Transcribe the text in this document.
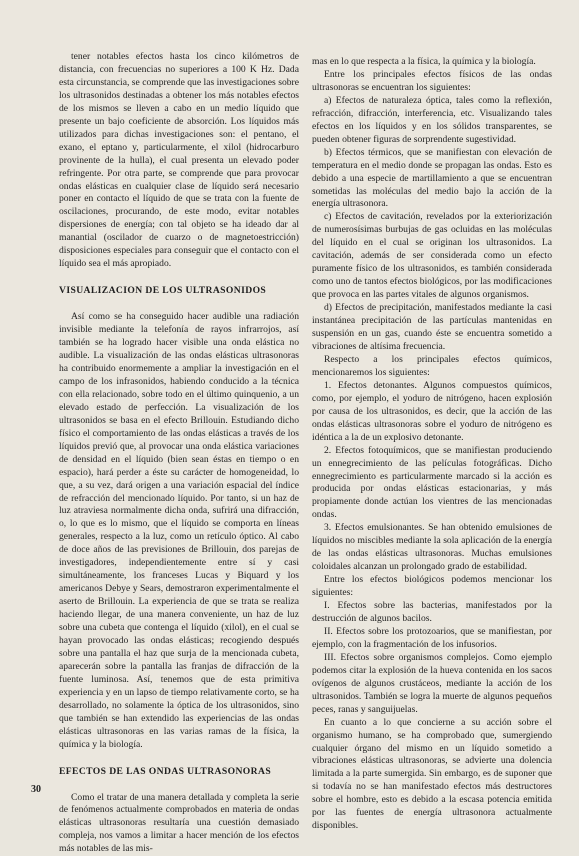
tener notables efectos hasta los cinco kilómetros de distancia, con frecuencias no superiores a 100 K Hz. Dada esta circunstancia, se comprende que las investigaciones sobre los ultrasonidos destinadas a obtener los más notables efectos de los mismos se lleven a cabo en un medio líquido que presente un bajo coeficiente de absorción. Los líquidos más utilizados para dichas investigaciones son: el pentano, el exano, el eptano y, particularmente, el xilol (hidrocarburo provinente de la hulla), el cual presenta un elevado poder refringente. Por otra parte, se comprende que para provocar ondas elásticas en cualquier clase de líquido será necesario poner en contacto el líquido de que se trata con la fuente de oscilaciones, procurando, de este modo, evitar notables dispersiones de energía; con tal objeto se ha ideado dar al manantial (oscilador de cuarzo o de magnetoestricción) disposiciones especiales para conseguir que el contacto con el líquido sea el más apropiado.

VISUALIZACION DE LOS ULTRASONIDOS

Así como se ha conseguido hacer audible una radiación invisible mediante la telefonía de rayos infrarrojos, así también se ha logrado hacer visible una onda elástica no audible. La visualización de las ondas elásticas ultrasonoras ha contribuido enormemente a ampliar la investigación en el campo de los infrasonidos, habiendo conducido a la técnica con ella relacionado, sobre todo en el último quinquenio, a un elevado estado de perfección. La visualización de los ultrasonidos se basa en el efecto Brillouin. Estudiando dicho físico el comportamiento de las ondas elásticas a través de los líquidos previó que, al provocar una onda elástica variaciones de densidad en el líquido (bien sean éstas en tiempo o en espacio), hará perder a éste su carácter de homogeneidad, lo que, a su vez, dará origen a una variación espacial del índice de refracción del mencionado líquido. Por tanto, si un haz de luz atraviesa normalmente dicha onda, sufrirá una difracción, o, lo que es lo mismo, que el líquido se comporta en líneas generales, respecto a la luz, como un retículo óptico. Al cabo de doce años de las previsiones de Brillouin, dos parejas de investigadores, independientemente entre sí y casi simultáneamente, los franceses Lucas y Biquard y los americanos Debye y Sears, demostraron experimentalmente el aserto de Brillouin. La experiencia de que se trata se realiza haciendo llegar, de una manera conveniente, un haz de luz sobre una cubeta que contenga el líquido (xilol), en el cual se hayan provocado las ondas elásticas; recogiendo después sobre una pantalla el haz que surja de la mencionada cubeta, aparecerán sobre la pantalla las franjas de difracción de la fuente luminosa. Así, tenemos que de esta primitiva experiencia y en un lapso de tiempo relativamente corto, se ha desarrollado, no solamente la óptica de los ultrasonidos, sino que también se han extendido las experiencias de las ondas elásticas ultrasonoras en las varias ramas de la física, la química y la biología.

EFECTOS DE LAS ONDAS ULTRASONORAS

Como el tratar de una manera detallada y completa la serie de fenómenos actualmente comprobados en materia de ondas elásticas ultrasonoras resultaría una cuestión demasiado compleja, nos vamos a limitar a hacer mención de los efectos más notables de las mis-

mas en lo que respecta a la física, la química y la biología.

Entre los principales efectos físicos de las ondas ultrasonoras se encuentran los siguientes:

a) Efectos de naturaleza óptica, tales como la reflexión, refracción, difracción, interferencia, etc. Visualizando tales efectos en los líquidos y en los sólidos transparentes, se pueden obtener figuras de sorprendente sugestividad.

b) Efectos térmicos, que se manifiestan con elevación de temperatura en el medio donde se propagan las ondas. Esto es debido a una especie de martillamiento a que se encuentran sometidas las moléculas del medio bajo la acción de la energía ultrasonora.

c) Efectos de cavitación, revelados por la exteriorización de numerosísimas burbujas de gas ocluidas en las moléculas del líquido en el cual se originan los ultrasonidos. La cavitación, además de ser considerada como un efecto puramente físico de los ultrasonidos, es también considerada como uno de tantos efectos biológicos, por las modificaciones que provoca en las partes vitales de algunos organismos.

d) Efectos de precipitación, manifestados mediante la casi instantánea precipitación de las partículas mantenidas en suspensión en un gas, cuando éste se encuentra sometido a vibraciones de altísima frecuencia.

Respecto a los principales efectos químicos, mencionaremos los siguientes:

1. Efectos detonantes. Algunos compuestos químicos, como, por ejemplo, el yoduro de nitrógeno, hacen explosión por causa de los ultrasonidos, es decir, que la acción de las ondas elásticas ultrasonoras sobre el yoduro de nitrógeno es idéntica a la de un explosivo detonante.

2. Efectos fotoquímicos, que se manifiestan produciendo un ennegrecimiento de las películas fotográficas. Dicho ennegrecimiento es particularmente marcado si la acción es producida por ondas elásticas estacionarias, y más propiamente donde actúan los vientres de las mencionadas ondas.

3. Efectos emulsionantes. Se han obtenido emulsiones de líquidos no miscibles mediante la sola aplicación de la energía de las ondas elásticas ultrasonoras. Muchas emulsiones coloidales alcanzan un prolongado grado de estabilidad.

Entre los efectos biológicos podemos mencionar los siguientes:

I. Efectos sobre las bacterias, manifestados por la destrucción de algunos bacilos.

II. Efectos sobre los protozoarios, que se manifiestan, por ejemplo, con la fragmentación de los infusorios.

III. Efectos sobre organismos complejos. Como ejemplo podemos citar la explosión de la hueva contenida en los sacos ovígenos de algunos crustáceos, mediante la acción de los ultrasonidos. También se logra la muerte de algunos pequeños peces, ranas y sanguijuelas.

En cuanto a lo que concierne a su acción sobre el organismo humano, se ha comprobado que, sumergiendo cualquier órgano del mismo en un líquido sometido a vibraciones elásticas ultrasonoras, se advierte una dolencia limitada a la parte sumergida. Sin embargo, es de suponer que si todavía no se han manifestado efectos más destructores sobre el hombre, esto es debido a la escasa potencia emitida por las fuentes de energía ultrasonora actualmente disponibles.

30
